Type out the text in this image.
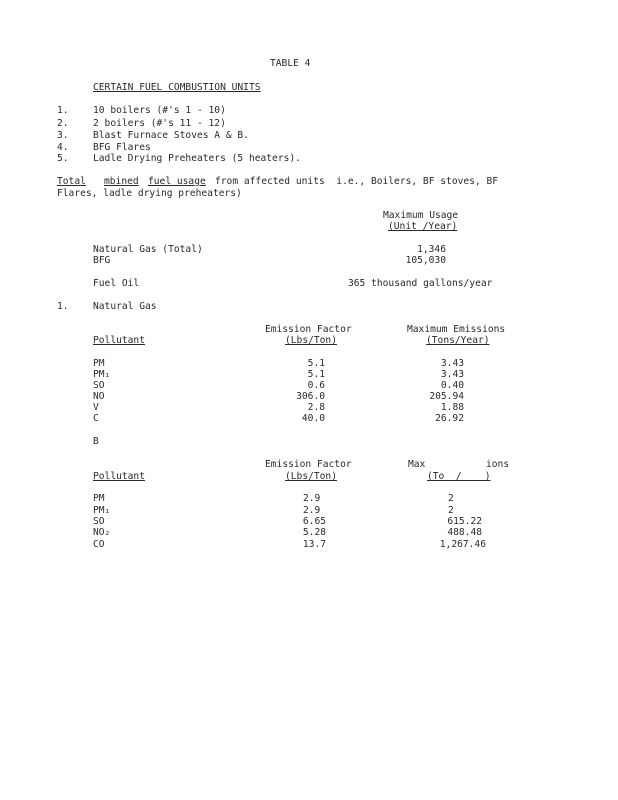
TABLE 4
CERTAIN FUEL COMBUSTION UNITS
1.	10 boilers (#'s 1 - 10)
2.	2 boilers (#'s 11 - 12)
3.	Blast Furnace Stoves A & B.
4.	BFG Flares
5.	Ladle Drying Preheaters (5 heaters).
Total mbined fuel usage from affected units  i.e., Boilers, BF stoves, BF
Flares, ladle drying preheaters)
Maximum Usage
(Unit /Year)
Natural Gas (Total)	1,346
BFG	105,030
Fuel Oil	365 thousand gallons/year
1.	Natural Gas
Emission Factor
(Lbs/Ton)
Maximum Emissions
(Tons/Year)
Pollutant
PM	5.1	3.43
PM₁	5.1	3.43
SO	0.6	0.40
NO	306.0	205.94
V	2.8	1.88
C	40.0	26.92
B
Emission Factor
(Lbs/Ton)
Max	ions
(To  /    )
Pollutant
PM	2.9	2
PM₁	2.9	2
SO	6.65	615.22
NO₂	5.28	488.48
CO	13.7	1,267.46
